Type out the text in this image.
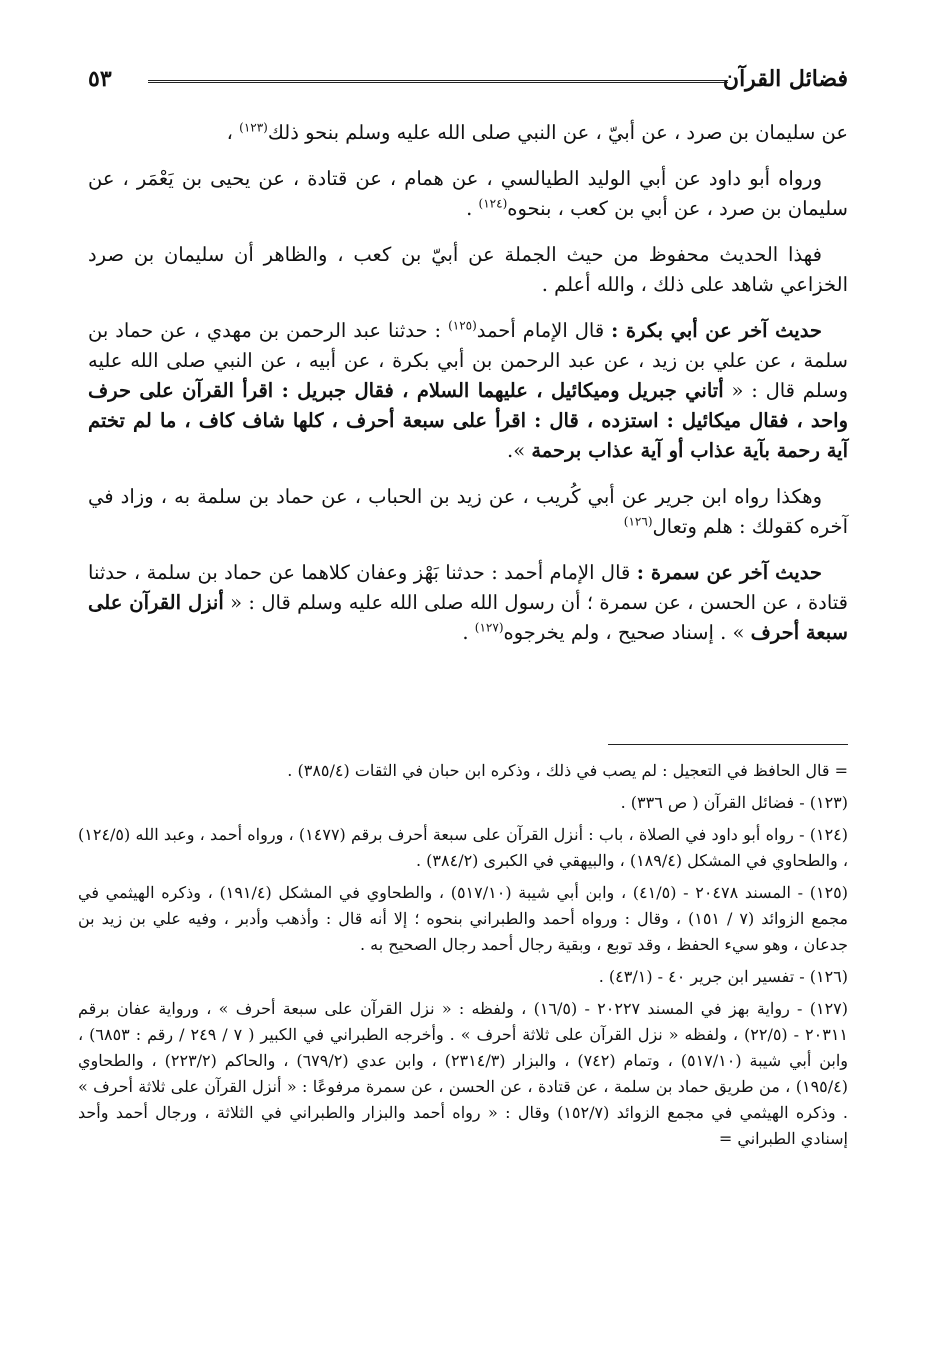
فضائل القرآن
٥٣

عن سليمان بن صرد ، عن أبيّ ، عن النبي صلى الله عليه وسلم بنحو ذلك$^{(١٢٣)}$ ،

ورواه أبو داود عن أبي الوليد الطيالسي ، عن همام ، عن قتادة ، عن يحيى بن يَعْمَر ، عن سليمان بن صرد ، عن أبي بن كعب ، بنحوه$^{(١٢٤)}$ .

فهذا الحديث محفوظ من حيث الجملة عن أبيّ بن كعب ، والظاهر أن سليمان بن صرد الخزاعي شاهد على ذلك ، والله أعلم .

حديث آخر عن أبي بكرة : قال الإمام أحمد$^{(١٢٥)}$ : حدثنا عبد الرحمن بن مهدي ، عن حماد بن سلمة ، عن علي بن زيد ، عن عبد الرحمن بن أبي بكرة ، عن أبيه ، عن النبي صلى الله عليه وسلم قال : « أتاني جبريل وميكائيل ، عليهما السلام ، فقال جبريل : اقرأ القرآن على حرف واحد ، فقال ميكائيل : استزده ، قال : اقرأ على سبعة أحرف ، كلها شاف كاف ، ما لم تختم آية رحمة بآية عذاب أو آية عذاب برحمة ».

وهكذا رواه ابن جرير عن أبي كُريب ، عن زيد بن الحباب ، عن حماد بن سلمة به ، وزاد في آخره كقولك : هلم وتعال$^{(١٢٦)}$

حديث آخر عن سمرة : قال الإمام أحمد : حدثنا بَهْز وعفان كلاهما عن حماد بن سلمة ، حدثنا قتادة ، عن الحسن ، عن سمرة ؛ أن رسول الله صلى الله عليه وسلم قال : « أنزل القرآن على سبعة أحرف » . إسناد صحيح ، ولم يخرجوه$^{(١٢٧)}$ .

= قال الحافظ في التعجيل : لم يصب في ذلك ، وذكره ابن حبان في الثقات (٣٨٥/٤) .
(١٢٣) - فضائل القرآن ( ص ٣٣٦) .
(١٢٤) - رواه أبو داود في الصلاة ، باب : أنزل القرآن على سبعة أحرف برقم (١٤٧٧) ، ورواه أحمد ، وعبد الله (١٢٤/٥) ، والطحاوي في المشكل (١٨٩/٤) ، والبيهقي في الكبرى (٣٨٤/٢) .
(١٢٥) - المسند ٢٠٤٧٨ - (٤١/٥) ، وابن أبي شيبة (٥١٧/١٠) ، والطحاوي في المشكل (١٩١/٤) ، وذكره الهيثمي في مجمع الزوائد (٧ / ١٥١) ، وقال : ورواه أحمد والطبراني بنحوه ؛ إلا أنه قال : وأذهب وأدبر ، وفيه علي بن زيد بن جدعان ، وهو سيء الحفظ ، وقد توبع ، وبقية رجال أحمد رجال الصحيح به .
(١٢٦) - تفسير ابن جرير ٤٠ - (٤٣/١) .
(١٢٧) - رواية بهز في المسند ٢٠٢٢٧ - (١٦/٥) ، ولفظه : « نزل القرآن على سبعة أحرف » ، ورواية عفان برقم ٢٠٣١١ - (٢٢/٥) ، ولفظه « نزل القرآن على ثلاثة أحرف » . وأخرجه الطبراني في الكبير ( ٧ / ٢٤٩ / رقم : ٦٨٥٣) ، وابن أبي شيبة (٥١٧/١٠) ، وتمام (٧٤٢) ، والبزار (٢٣١٤/٣) ، وابن عدي (٦٧٩/٢) ، والحاكم (٢٢٣/٢) ، والطحاوي (١٩٥/٤) ، من طريق حماد بن سلمة ، عن قتادة ، عن الحسن ، عن سمرة مرفوعًا : « أنزل القرآن على ثلاثة أحرف » . وذكره الهيثمي في مجمع الزوائد (١٥٢/٧) وقال : « رواه أحمد والبزار والطبراني في الثلاثة ، ورجال أحمد وأحد إسنادي الطبراني =
